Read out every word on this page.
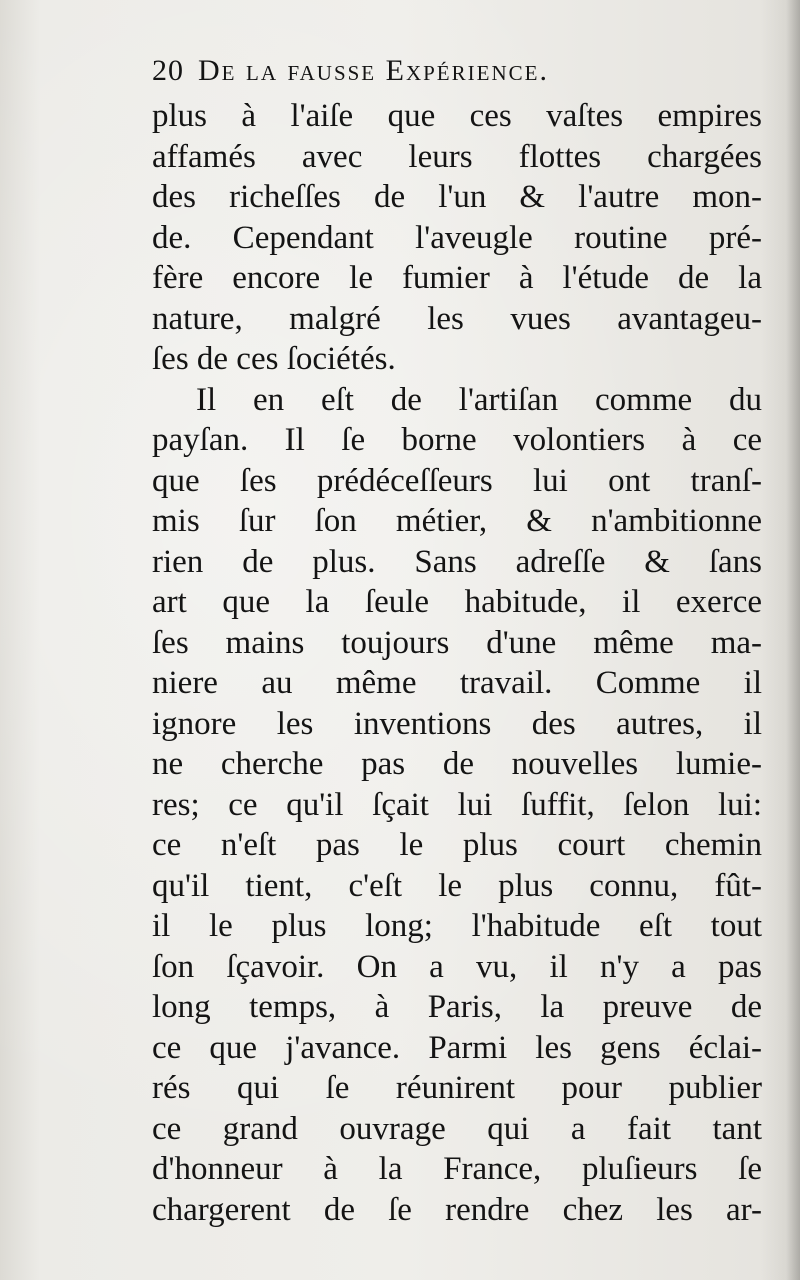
20 De la fausse Expérience.
plus à l'aiſe que ces vaſtes empires
affamés avec leurs flottes chargées
des richeſſes de l'un & l'autre mon-
de. Cependant l'aveugle routine pré-
fère encore le fumier à l'étude de la
nature, malgré les vues avantageu-
ſes de ces ſociétés.
Il en eſt de l'artiſan comme du
payſan. Il ſe borne volontiers à ce
que ſes prédéceſſeurs lui ont tranſ-
mis ſur ſon métier, & n'ambitionne
rien de plus. Sans adreſſe & ſans
art que la ſeule habitude, il exerce
ſes mains toujours d'une même ma-
niere au même travail. Comme il
ignore les inventions des autres, il
ne cherche pas de nouvelles lumie-
res; ce qu'il ſçait lui ſuffit, ſelon lui:
ce n'eſt pas le plus court chemin
qu'il tient, c'eſt le plus connu, fût-
il le plus long; l'habitude eſt tout
ſon ſçavoir. On a vu, il n'y a pas
long temps, à Paris, la preuve de
ce que j'avance. Parmi les gens éclai-
rés qui ſe réunirent pour publier
ce grand ouvrage qui a fait tant
d'honneur à la France, pluſieurs ſe
chargerent de ſe rendre chez les ar-
